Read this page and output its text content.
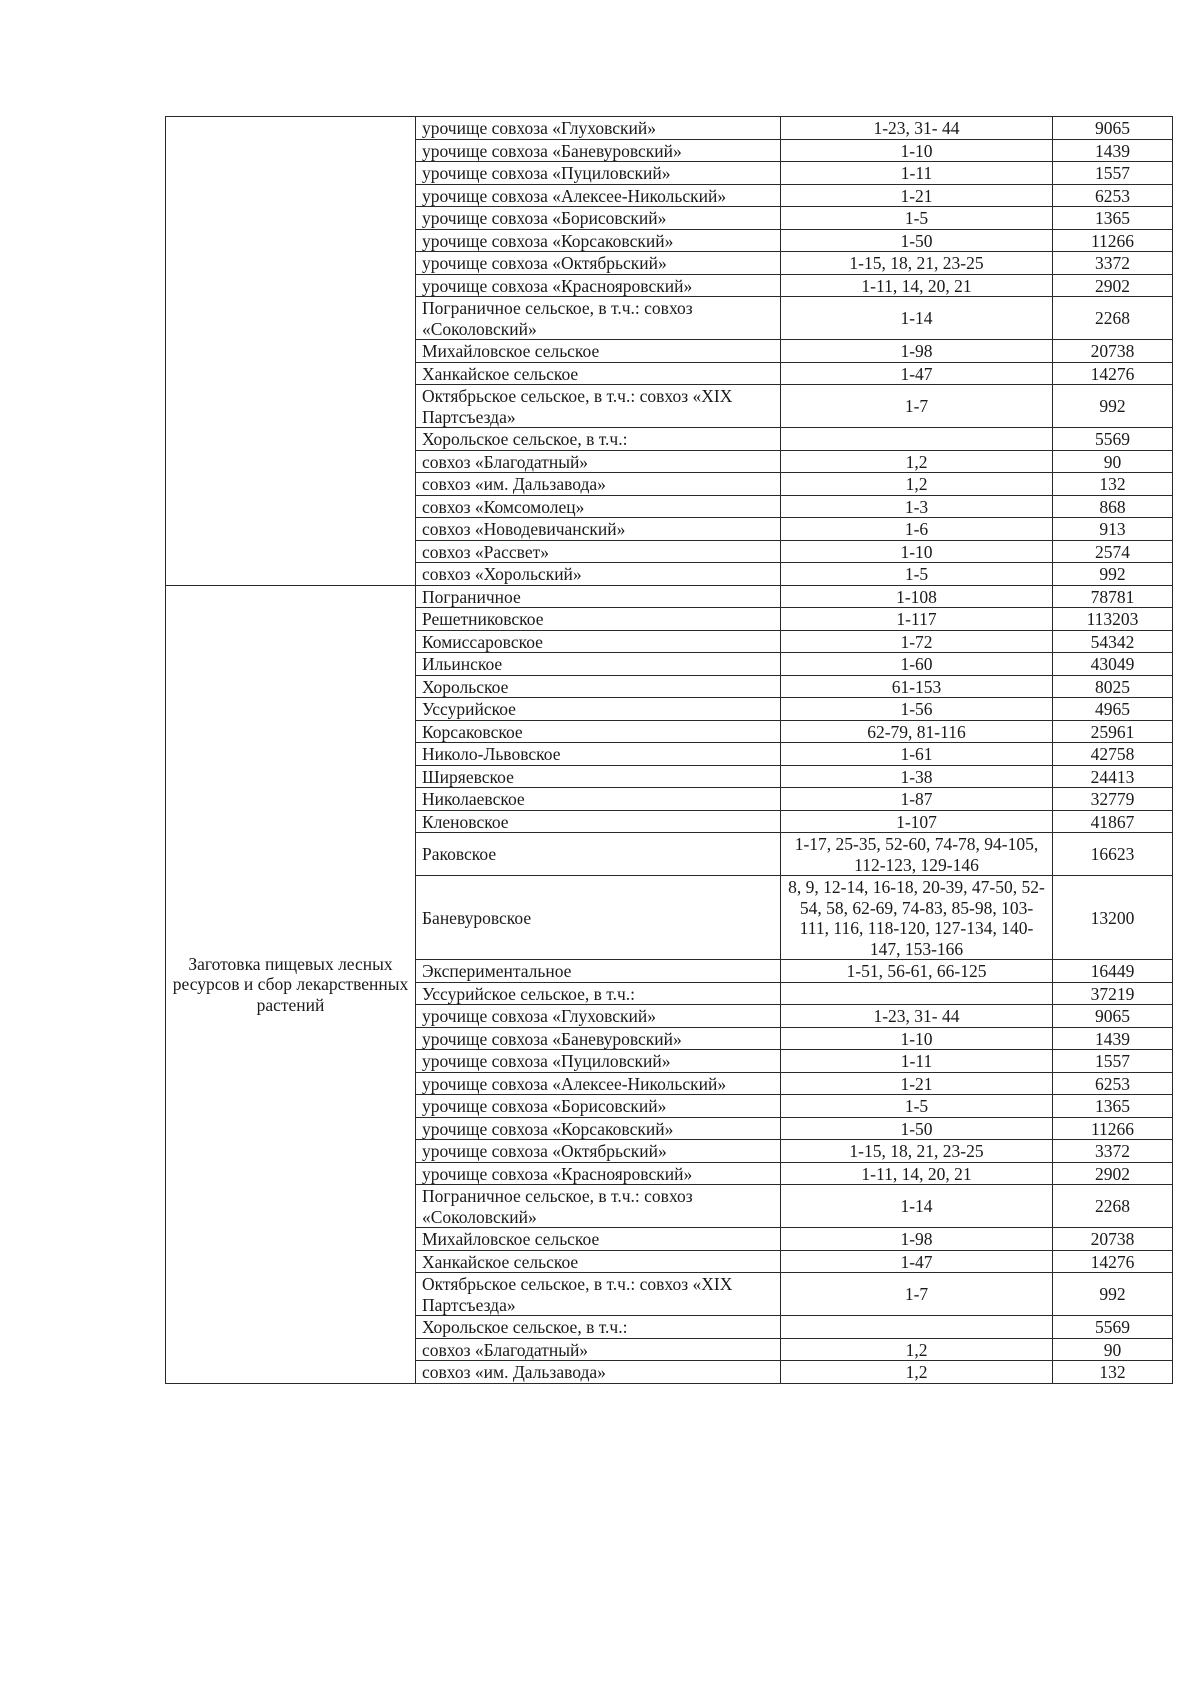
	урочище совхоза «Глуховский»	1-23, 31- 44	9065
	урочище совхоза «Баневуровский»	1-10	1439
	урочище совхоза «Пуциловский»	1-11	1557
	урочище совхоза «Алексее-Никольский»	1-21	6253
	урочище совхоза «Борисовский»	1-5	1365
	урочище совхоза «Корсаковский»	1-50	11266
	урочище совхоза «Октябрьский»	1-15, 18, 21, 23-25	3372
	урочище совхоза «Краснояровский»	1-11, 14, 20, 21	2902
	Пограничное сельское, в т.ч.: совхоз «Соколовский»	1-14	2268
	Михайловское сельское	1-98	20738
	Ханкайское сельское	1-47	14276
	Октябрьское сельское, в т.ч.: совхоз «XIX Партсъезда»	1-7	992
	Хорольское сельское, в т.ч.:		5569
	совхоз «Благодатный»	1,2	90
	совхоз «им. Дальзавода»	1,2	132
	совхоз «Комсомолец»	1-3	868
	совхоз «Новодевичанский»	1-6	913
	совхоз «Рассвет»	1-10	2574
	совхоз «Хорольский»	1-5	992
Заготовка пищевых лесных ресурсов и сбор лекарственных растений	Пограничное	1-108	78781
	Решетниковское	1-117	113203
	Комиссаровское	1-72	54342
	Ильинское	1-60	43049
	Хорольское	61-153	8025
	Уссурийское	1-56	4965
	Корсаковское	62-79, 81-116	25961
	Николо-Львовское	1-61	42758
	Ширяевское	1-38	24413
	Николаевское	1-87	32779
	Кленовское	1-107	41867
	Раковское	1-17, 25-35, 52-60, 74-78, 94-105, 112-123, 129-146	16623
	Баневуровское	8, 9, 12-14, 16-18, 20-39, 47-50, 52-54, 58, 62-69, 74-83, 85-98, 103-111, 116, 118-120, 127-134, 140-147, 153-166	13200
	Экспериментальное	1-51, 56-61, 66-125	16449
	Уссурийское сельское, в т.ч.:		37219
	урочище совхоза «Глуховский»	1-23, 31- 44	9065
	урочище совхоза «Баневуровский»	1-10	1439
	урочище совхоза «Пуциловский»	1-11	1557
	урочище совхоза «Алексее-Никольский»	1-21	6253
	урочище совхоза «Борисовский»	1-5	1365
	урочище совхоза «Корсаковский»	1-50	11266
	урочище совхоза «Октябрьский»	1-15, 18, 21, 23-25	3372
	урочище совхоза «Краснояровский»	1-11, 14, 20, 21	2902
	Пограничное сельское, в т.ч.: совхоз «Соколовский»	1-14	2268
	Михайловское сельское	1-98	20738
	Ханкайское сельское	1-47	14276
	Октябрьское сельское, в т.ч.: совхоз «XIX Партсъезда»	1-7	992
	Хорольское сельское, в т.ч.:		5569
	совхоз «Благодатный»	1,2	90
	совхоз «им. Дальзавода»	1,2	132
